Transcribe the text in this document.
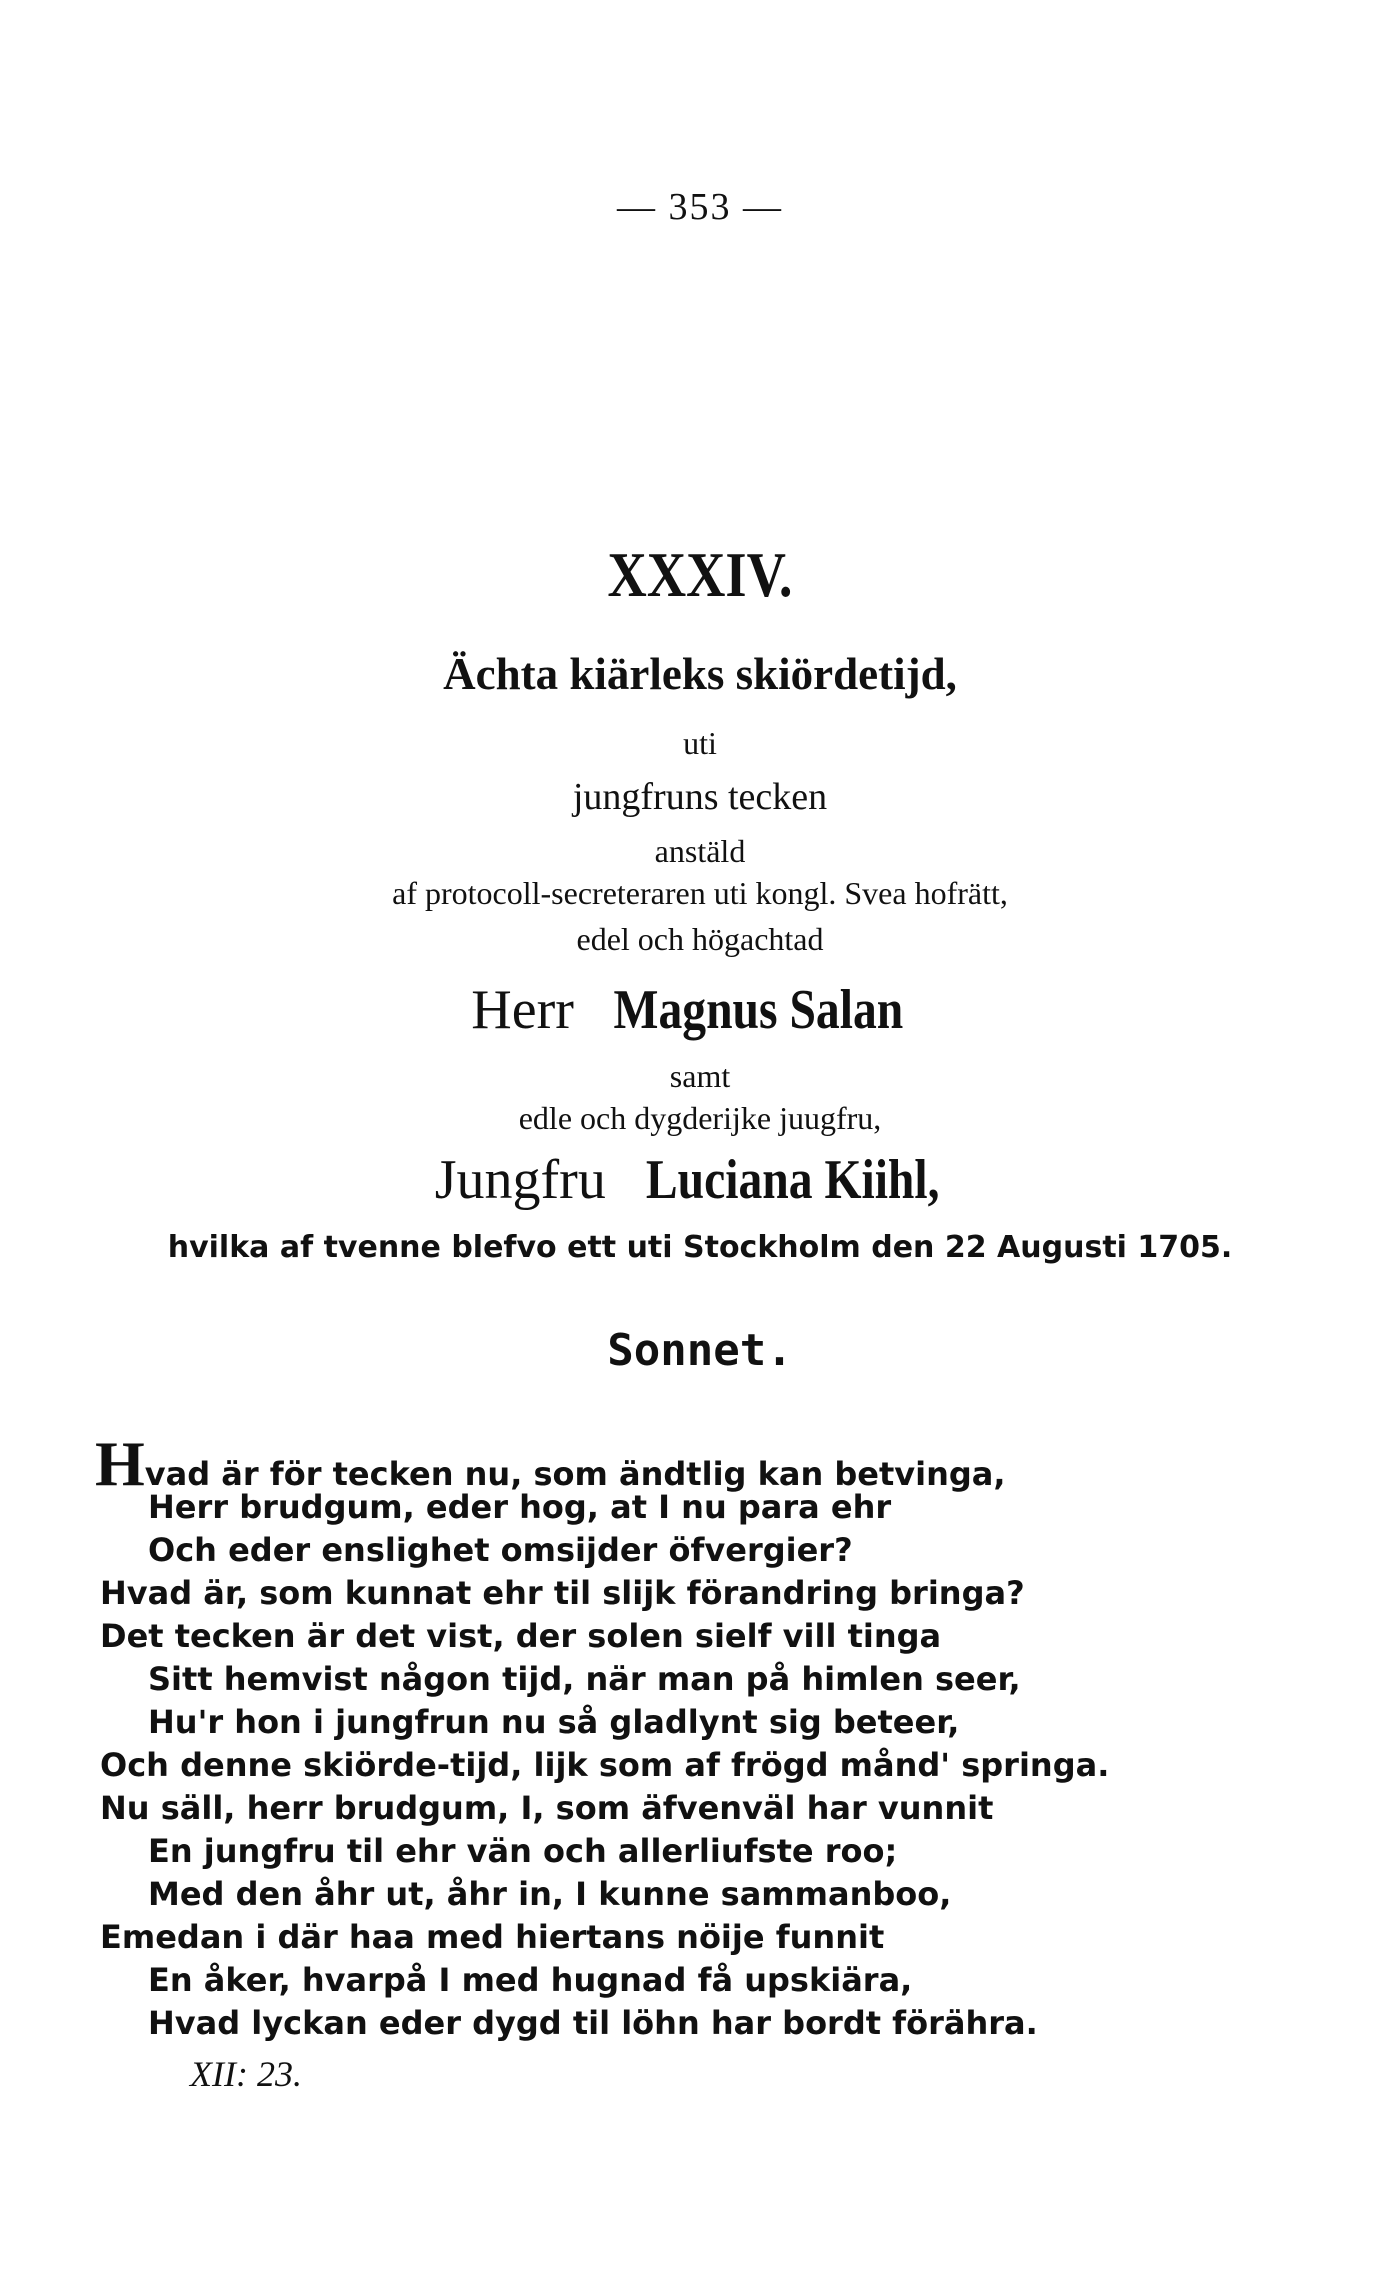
— 353 —
XXXIV.
Ächta kiärleks skiördetijd,
uti
jungfruns tecken
anstäld
af protocoll-secreteraren uti kongl. Svea hofrätt,
edel och högachtad
Herr Magnus Salan
samt
edle och dygderijke juugfru,
Jungfru Luciana Kiihl,
hvilka af tvenne blefvo ett uti Stockholm den 22 Augusti 1705.
Sonnet.
Hvad är för tecken nu, som ändtlig kan betvinga,
Herr brudgum, eder hog, at I nu para ehr
Och eder enslighet omsijder öfvergier?
Hvad är, som kunnat ehr til slijk förandring bringa?
Det tecken är det vist, der solen sielf vill tinga
Sitt hemvist någon tijd, när man på himlen seer,
Hu'r hon i jungfrun nu så gladlynt sig beteer,
Och denne skiörde-tijd, lijk som af frögd månd' springa.
Nu säll, herr brudgum, I, som äfvenväl har vunnit
En jungfru til ehr vän och allerliufste roo;
Med den åhr ut, åhr in, I kunne sammanboo,
Emedan i där haa med hiertans nöije funnit
En åker, hvarpå I med hugnad få upskiära,
Hvad lyckan eder dygd til löhn har bordt förähra.
XII: 23.
